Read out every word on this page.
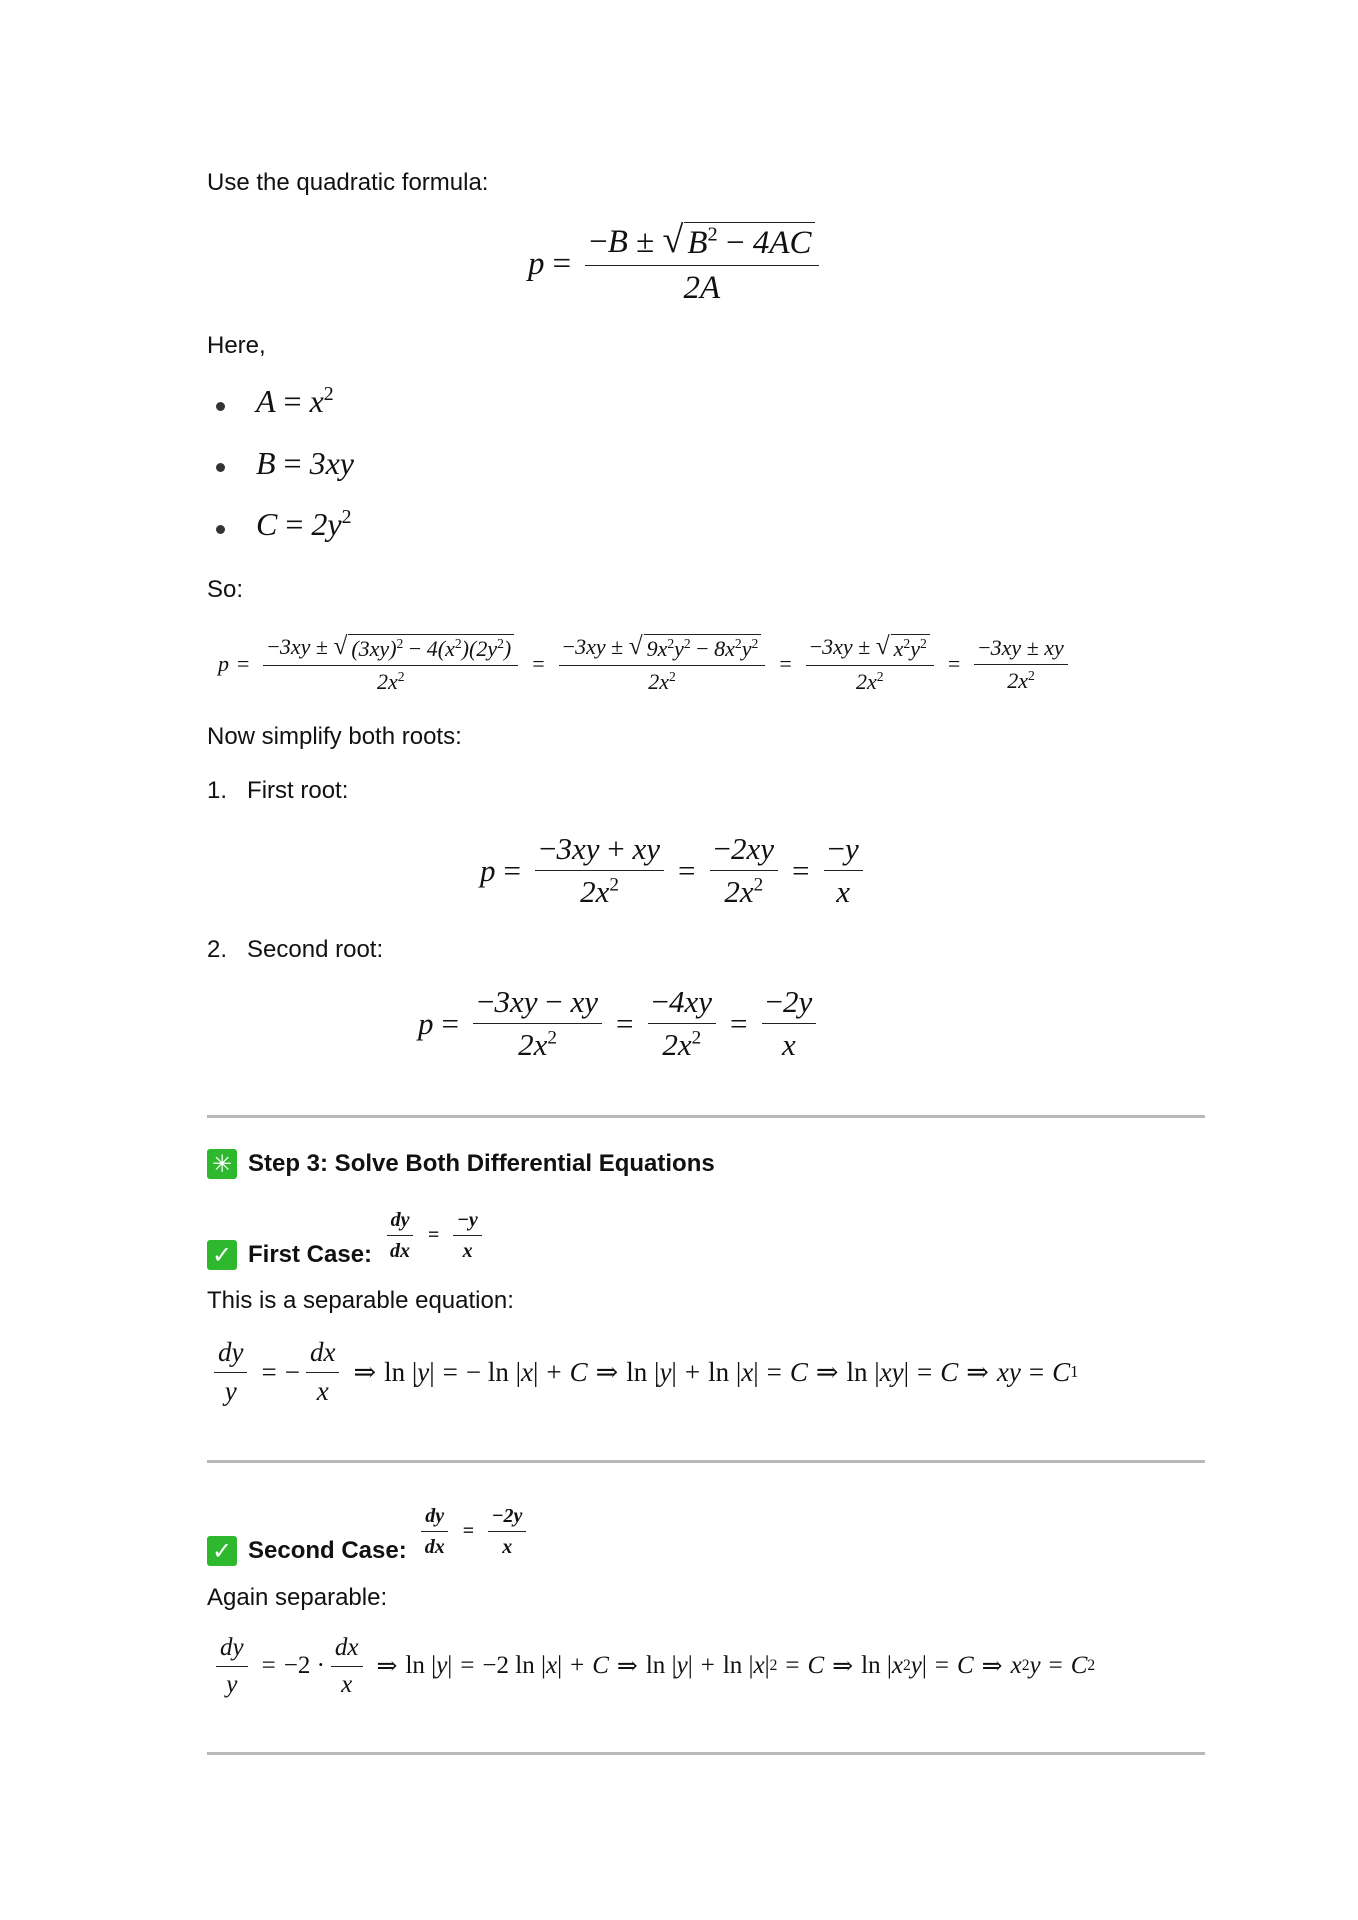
Use the quadratic formula:
$p = \frac{-B \pm √ B^2 - 4AC}{2A}$
Here,
$A = x^2$
B = 3xy
$C = 2y^2$
So:
$p = \frac{-3xy \pm √ (3xy)^2 - 4(x^2)(2y^2)}{2x^2} = \frac{-3xy \pm √ 9x^2y^2 - 8x^2y^2}{2x^2} = \frac{-3xy \pm √ x^2y^2}{2x^2} = \frac{-3xy \pm xy}{2x^2}$
Now simplify both roots:
1. First root:
$p = \frac{-3xy + xy}{2x^2} = \frac{-2xy}{2x^2} = \frac{-y}{x}$
2. Second root:
$p = \frac{-3xy - xy}{2x^2} = \frac{-4xy}{2x^2} = \frac{-2y}{x}$
✳ Step 3: Solve Both Differential Equations
✓ First Case: $\frac{dy}{dx} = \frac{-y}{x}$
This is a separable equation:
$\frac{dy}{y}$ = − $\frac{dx}{x}$ ⇒ ln
| y | = − ln
| x | + C ⇒ ln
| y | + ln
| x | = C ⇒ ln
| xy | = C ⇒ xy = C 1
✓ Second Case: $\frac{dy}{dx} = \frac{-2y}{x}$
Again separable:
$\frac{dy}{y} = -2$
· $\frac{dx}{x}$ ⇒ ln
| y | = −2 ln
| x | + C ⇒ ln
| y | + ln
| x | 2 = C ⇒ ln
| x 2 y | = C ⇒ x 2 y = C 2
